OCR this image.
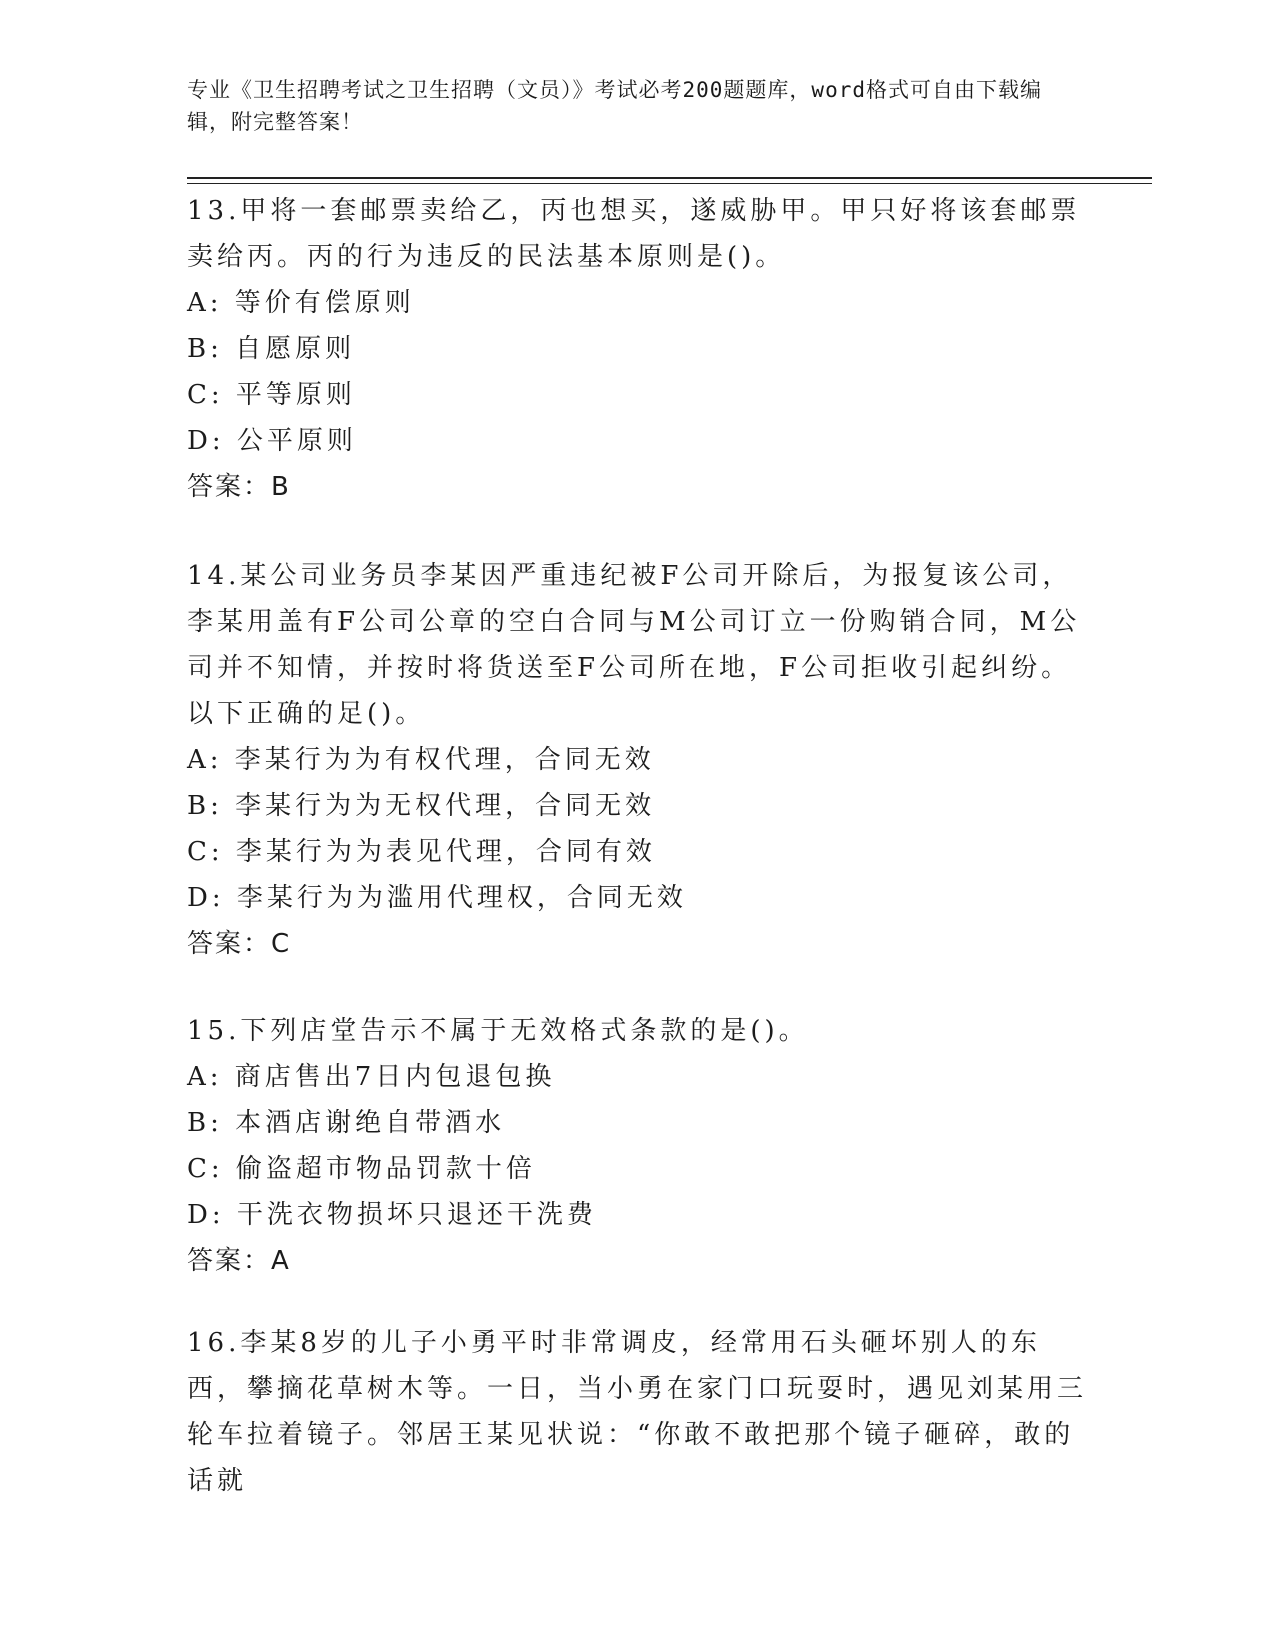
专业《卫生招聘考试之卫生招聘（文员）》考试必考200题题库，word格式可自由下载编辑，附完整答案！

13.甲将一套邮票卖给乙，丙也想买，遂威胁甲。甲只好将该套邮票卖给丙。丙的行为违反的民法基本原则是()。

A: 等价有偿原则

B: 自愿原则

C: 平等原则

D: 公平原则

答案：B

14.某公司业务员李某因严重违纪被F公司开除后，为报复该公司，李某用盖有F公司公章的空白合同与M公司订立一份购销合同，M公司并不知情，并按时将货送至F公司所在地，F公司拒收引起纠纷。以下正确的足()。

A: 李某行为为有权代理，合同无效

B: 李某行为为无权代理，合同无效

C: 李某行为为表见代理，合同有效

D: 李某行为为滥用代理权，合同无效

答案：C

15.下列店堂告示不属于无效格式条款的是()。

A: 商店售出7日内包退包换

B: 本酒店谢绝自带酒水

C: 偷盗超市物品罚款十倍

D: 干洗衣物损坏只退还干洗费

答案：A

16.李某8岁的儿子小勇平时非常调皮，经常用石头砸坏别人的东西，攀摘花草树木等。一日，当小勇在家门口玩耍时，遇见刘某用三轮车拉着镜子。邻居王某见状说：“你敢不敢把那个镜子砸碎，敢的话就
